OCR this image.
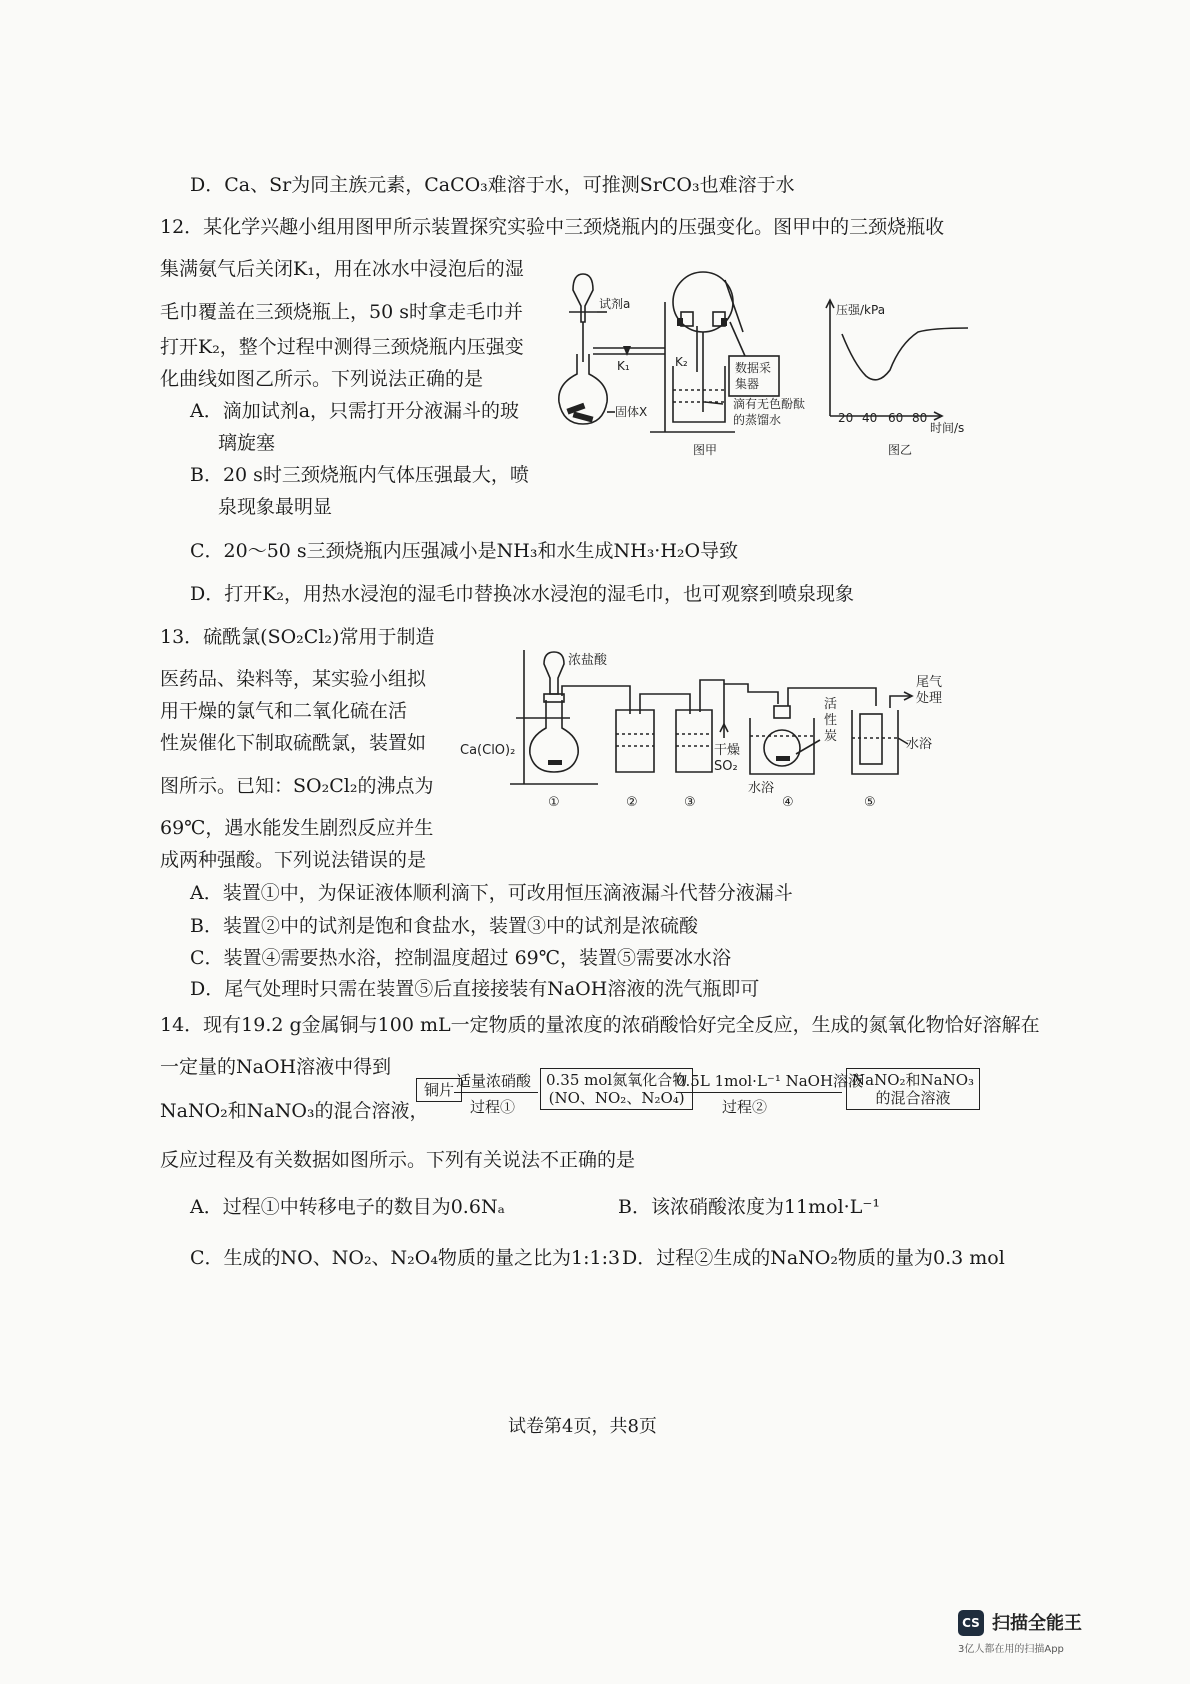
D．Ca、Sr为同主族元素，CaCO₃难溶于水，可推测SrCO₃也难溶于水
12．某化学兴趣小组用图甲所示装置探究实验中三颈烧瓶内的压强变化。图甲中的三颈烧瓶收
集满氨气后关闭K₁，用在冰水中浸泡后的湿
毛巾覆盖在三颈烧瓶上，50 s时拿走毛巾并
打开K₂，整个过程中测得三颈烧瓶内压强变
化曲线如图乙所示。下列说法正确的是
A．滴加试剂a，只需打开分液漏斗的玻
璃旋塞
B．20 s时三颈烧瓶内气体压强最大，喷
泉现象最明显
C．20～50 s三颈烧瓶内压强减小是NH₃和水生成NH₃·H₂O导致
D．打开K₂，用热水浸泡的湿毛巾替换冰水浸泡的湿毛巾，也可观察到喷泉现象
试剂a
K₁	K₂
固体X
数据采
集器
滴有无色酚酞
的蒸馏水
图甲
压强/kPa
20 40 60 80
时间/s
图乙
13．硫酰氯(SO₂Cl₂)常用于制造
医药品、染料等，某实验小组拟
用干燥的氯气和二氧化硫在活
性炭催化下制取硫酰氯，装置如
图所示。已知：SO₂Cl₂的沸点为
69℃，遇水能发生剧烈反应并生
成两种强酸。下列说法错误的是
A．装置①中，为保证液体顺利滴下，可改用恒压滴液漏斗代替分液漏斗
B．装置②中的试剂是饱和食盐水，装置③中的试剂是浓硫酸
C．装置④需要热水浴，控制温度超过 69℃，装置⑤需要冰水浴
D．尾气处理时只需在装置⑤后直接接装有NaOH溶液的洗气瓶即可
浓盐酸
Ca(ClO)₂	干燥
SO₂
尾气
处理
活
性
炭
水浴
水浴
①	②	③	④	⑤
14．现有19.2 g金属铜与100 mL一定物质的量浓度的浓硝酸恰好完全反应，生成的氮氧化物恰好溶解在
一定量的NaOH溶液中得到
NaNO₂和NaNO₃的混合溶液，
反应过程及有关数据如图所示。下列有关说法不正确的是
铜片 适量浓硝酸
过程①
0.35 mol氮氧化合物
(NO、NO₂、N₂O₄)
0.5L 1mol·L⁻¹ NaOH溶液
过程②
NaNO₂和NaNO₃
的混合溶液
A．过程①中转移电子的数目为0.6Nₐ	B．该浓硝酸浓度为11mol·L⁻¹
C．生成的NO、NO₂、N₂O₄物质的量之比为1:1:3 D．过程②生成的NaNO₂物质的量为0.3 mol
试卷第4页，共8页
CS 扫描全能王
3亿人都在用的扫描App
